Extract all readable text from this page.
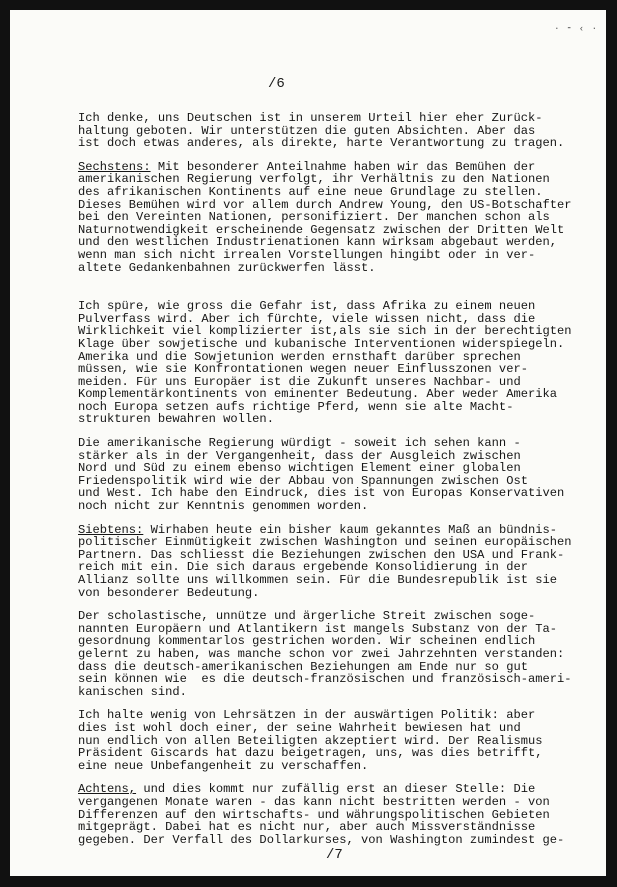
· ⁃ ‹ ·
/6

Ich denke, uns Deutschen ist in unserem Urteil hier eher Zurück-
haltung geboten. Wir unterstützen die guten Absichten. Aber das
ist doch etwas anderes, als direkte, harte Verantwortung zu tragen.

Sechstens: Mit besonderer Anteilnahme haben wir das Bemühen der
amerikanischen Regierung verfolgt, ihr Verhältnis zu den Nationen
des afrikanischen Kontinents auf eine neue Grundlage zu stellen.
Dieses Bemühen wird vor allem durch Andrew Young, den US-Botschafter
bei den Vereinten Nationen, personifiziert. Der manchen schon als
Naturnotwendigkeit erscheinende Gegensatz zwischen der Dritten Welt
und den westlichen Industrienationen kann wirksam abgebaut werden,
wenn man sich nicht irrealen Vorstellungen hingibt oder in ver-
altete Gedankenbahnen zurückwerfen lässt.

Ich spüre, wie gross die Gefahr ist, dass Afrika zu einem neuen
Pulverfass wird. Aber ich fürchte, viele wissen nicht, dass die
Wirklichkeit viel komplizierter ist,als sie sich in der berechtigten
Klage über sowjetische und kubanische Interventionen widerspiegeln.
Amerika und die Sowjetunion werden ernsthaft darüber sprechen
müssen, wie sie Konfrontationen wegen neuer Einflusszonen ver-
meiden. Für uns Europäer ist die Zukunft unseres Nachbar- und
Komplementärkontinents von eminenter Bedeutung. Aber weder Amerika
noch Europa setzen aufs richtige Pferd, wenn sie alte Macht-
strukturen bewahren wollen.

Die amerikanische Regierung würdigt - soweit ich sehen kann -
stärker als in der Vergangenheit, dass der Ausgleich zwischen
Nord und Süd zu einem ebenso wichtigen Element einer globalen
Friedenspolitik wird wie der Abbau von Spannungen zwischen Ost
und West. Ich habe den Eindruck, dies ist von Europas Konservativen
noch nicht zur Kenntnis genommen worden.

Siebtens: Wirhaben heute ein bisher kaum gekanntes Maß an bündnis-
politischer Einmütigkeit zwischen Washington und seinen europäischen
Partnern. Das schliesst die Beziehungen zwischen den USA und Frank-
reich mit ein. Die sich daraus ergebende Konsolidierung in der
Allianz sollte uns willkommen sein. Für die Bundesrepublik ist sie
von besonderer Bedeutung.

Der scholastische, unnütze und ärgerliche Streit zwischen soge-
nannten Europäern und Atlantikern ist mangels Substanz von der Ta-
gesordnung kommentarlos gestrichen worden. Wir scheinen endlich
gelernt zu haben, was manche schon vor zwei Jahrzehnten verstanden:
dass die deutsch-amerikanischen Beziehungen am Ende nur so gut
sein können wie  es die deutsch-französischen und französisch-ameri-
kanischen sind.

Ich halte wenig von Lehrsätzen in der auswärtigen Politik: aber
dies ist wohl doch einer, der seine Wahrheit bewiesen hat und
nun endlich von allen Beteiligten akzeptiert wird. Der Realismus
Präsident Giscards hat dazu beigetragen, uns, was dies betrifft,
eine neue Unbefangenheit zu verschaffen.

Achtens, und dies kommt nur zufällig erst an dieser Stelle: Die
vergangenen Monate waren - das kann nicht bestritten werden - von
Differenzen auf den wirtschafts- und währungspolitischen Gebieten
mitgeprägt. Dabei hat es nicht nur, aber auch Missverständnisse
gegeben. Der Verfall des Dollarkurses, von Washington zumindest ge-

/7
